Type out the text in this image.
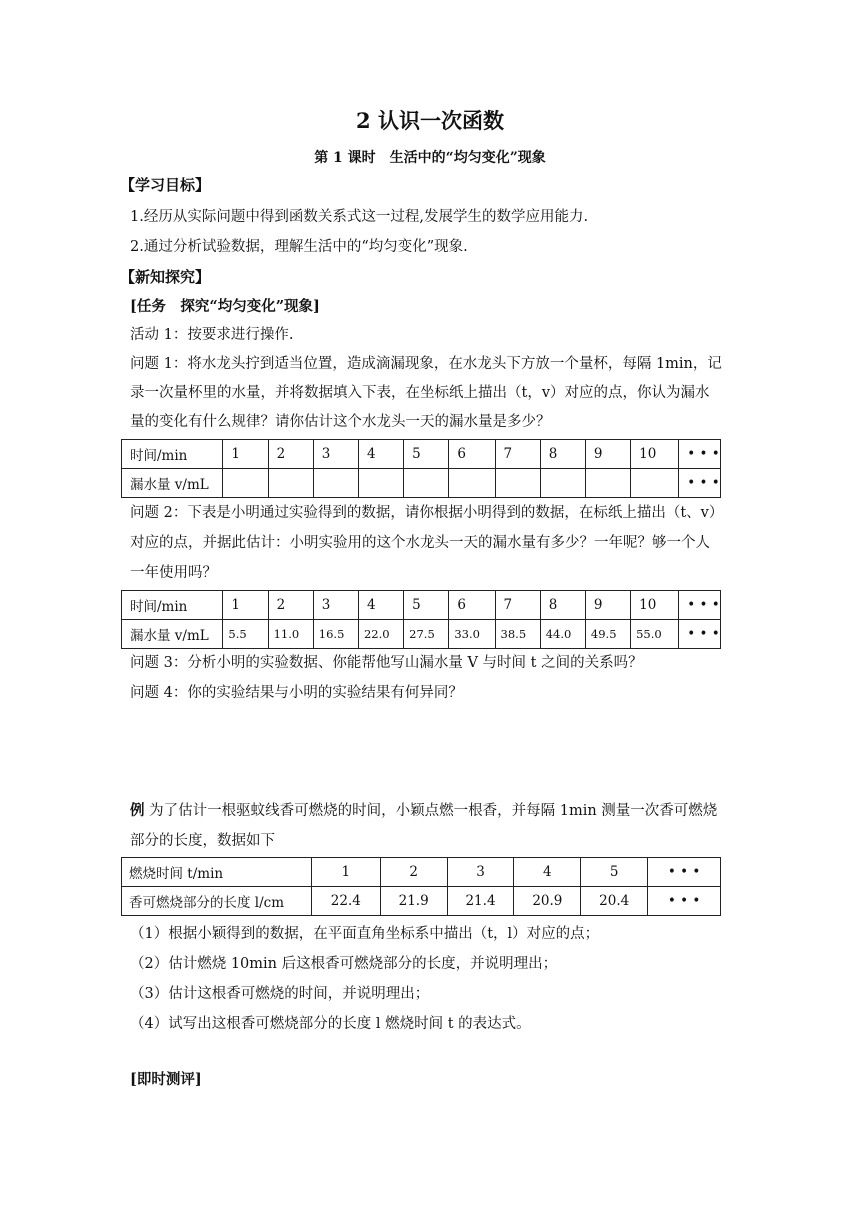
2 认识一次函数
第 1 课时　生活中的“均匀变化”现象
【学习目标】
1.经历从实际问题中得到函数关系式这一过程,发展学生的数学应用能力.
2.通过分析试验数据，理解生活中的“均匀变化”现象.
【新知探究】
[任务　探究“均匀变化”现象]
活动 1：按要求进行操作.
问题 1：将水龙头拧到适当位置，造成滴漏现象，在水龙头下方放一个量杯，每隔 1min，记
录一次量杯里的水量，并将数据填入下表，在坐标纸上描出（t，v）对应的点，你认为漏水
量的变化有什么规律？请你估计这个水龙头一天的漏水量是多少？
时间/min	1	2	3	4	5	6	7	8	9	10	• • •
漏水量 v/mL											• • •
问题 2：下表是小明通过实验得到的数据，请你根据小明得到的数据，在标纸上描出（t、v）
对应的点，并据此估计：小明实验用的这个水龙头一天的漏水量有多少？一年呢？够一个人
一年使用吗？
时间/min	1	2	3	4	5	6	7	8	9	10	• • •
漏水量 v/mL	5.5	11.0	16.5	22.0	27.5	33.0	38.5	44.0	49.5	55.0	• • •
问题 3：分析小明的实验数据、你能帮他写山漏水量 V 与时间 t 之间的关系吗？
问题 4：你的实验结果与小明的实验结果有何异同？
例 为了估计一根驱蚊线香可燃烧的时间，小颖点燃一根香，并每隔 1min 测量一次香可燃烧
部分的长度，数据如下
燃烧时间 t/min	1	2	3	4	5	• • •
香可燃烧部分的长度 l/cm	22.4	21.9	21.4	20.9	20.4	• • •
（1）根据小颖得到的数据，在平面直角坐标系中描出（t，l）对应的点；
（2）估计燃烧 10min 后这根香可燃烧部分的长度，并说明理出；
（3）估计这根香可燃烧的时间，并说明理出；
（4）试写出这根香可燃烧部分的长度 l 燃烧时间 t 的表达式。
[即时测评]
